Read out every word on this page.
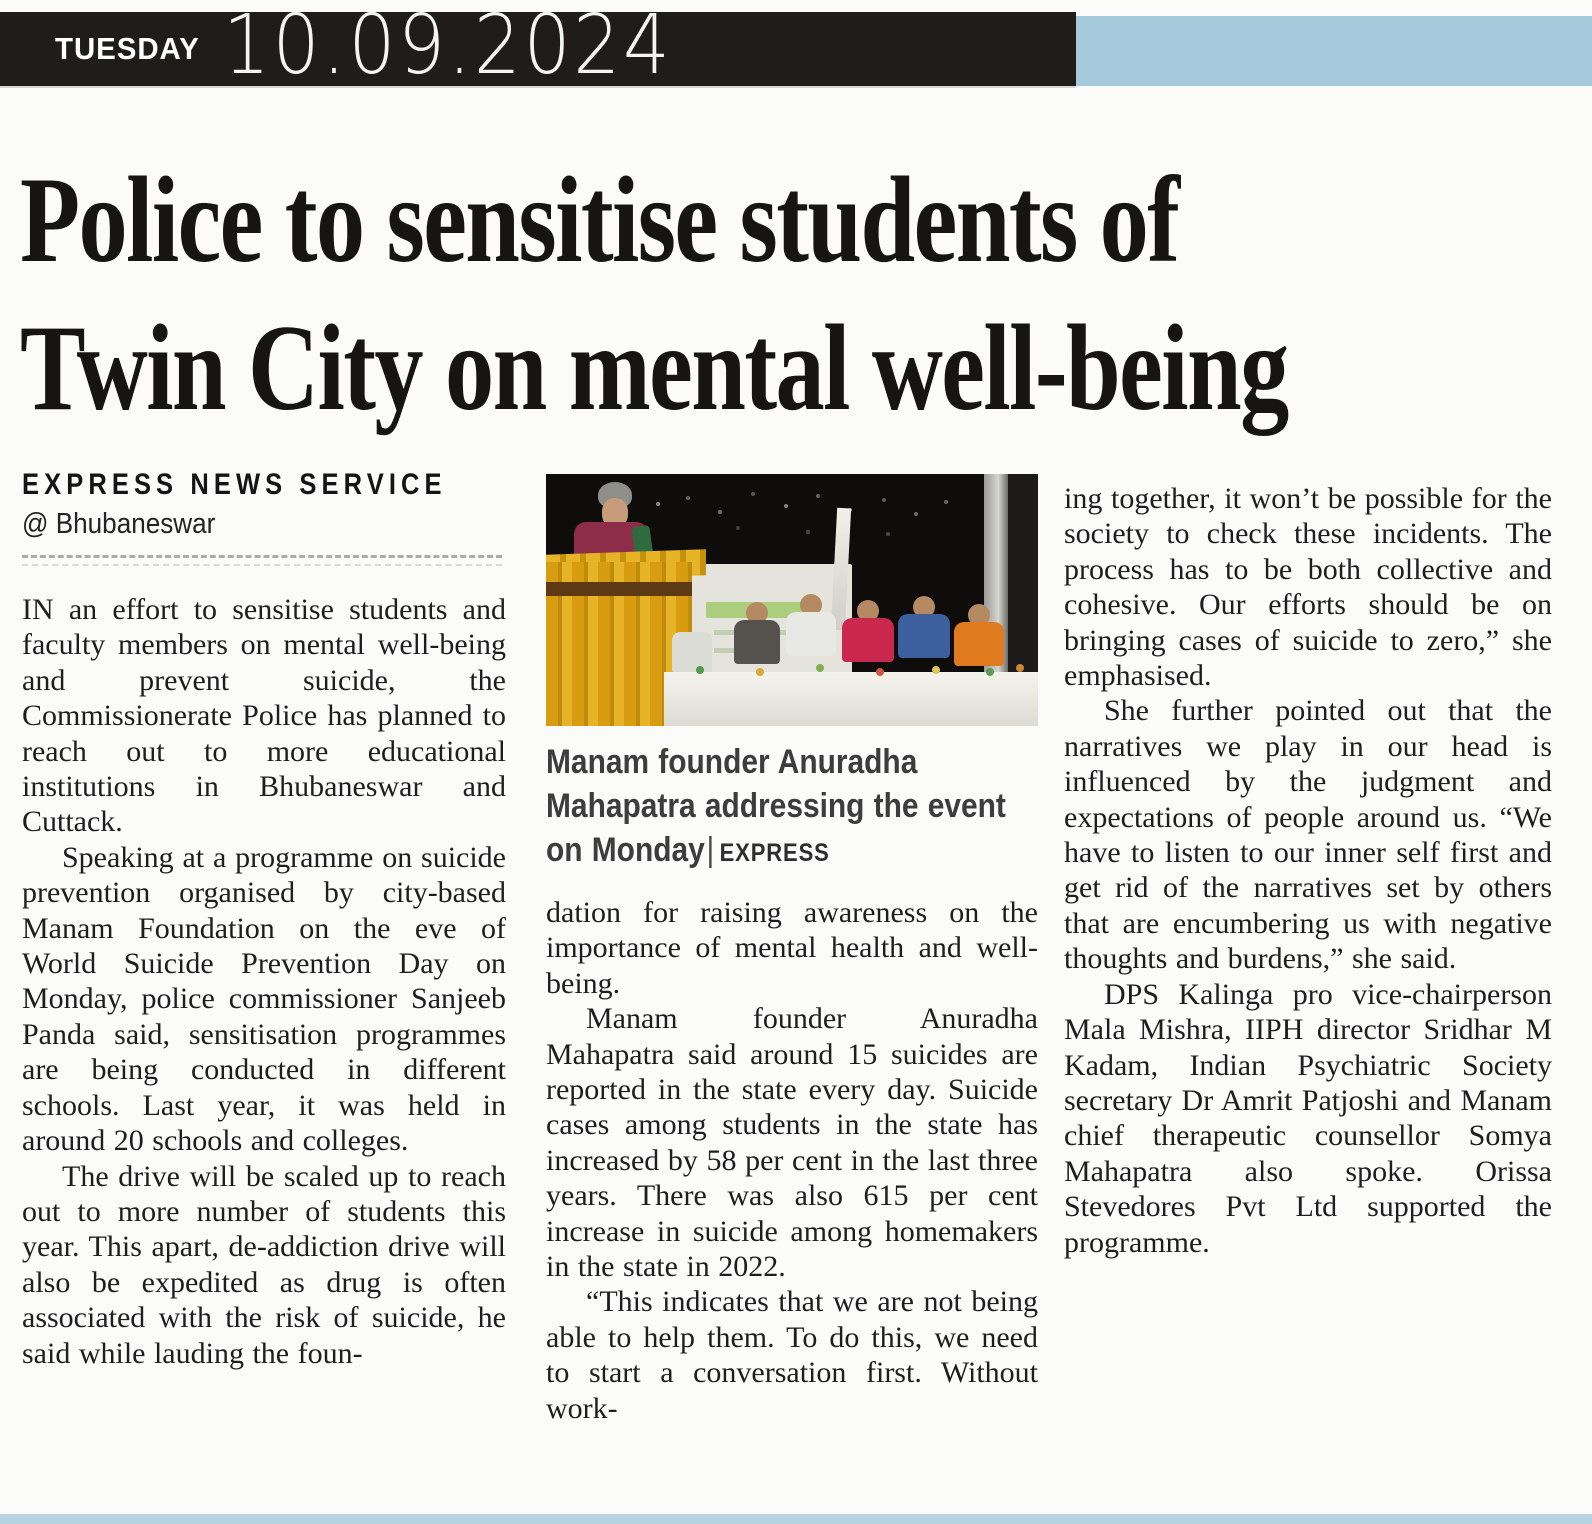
TUESDAY 10.09.2024
Police to sensitise students of
Twin City on mental well-being
EXPRESS NEWS SERVICE
@ Bhubaneswar

IN an effort to sensitise students and faculty members on mental well-being and prevent suicide, the Commissionerate Police has planned to reach out to more educational institutions in Bhubaneswar and Cuttack.

Speaking at a programme on suicide prevention organised by city-based Manam Foundation on the eve of World Suicide Prevention Day on Monday, police commissioner Sanjeeb Panda said, sensitisation programmes are being conducted in different schools. Last year, it was held in around 20 schools and colleges.

The drive will be scaled up to reach out to more number of students this year. This apart, de-addiction drive will also be expedited as drug is often associated with the risk of suicide, he said while lauding the foun-

Manam founder Anuradha Mahapatra addressing the event on Monday| EXPRESS

dation for raising awareness on the importance of mental health and well-being.

Manam founder Anuradha Mahapatra said around 15 suicides are reported in the state every day. Suicide cases among students in the state has increased by 58 per cent in the last three years. There was also 615 per cent increase in suicide among homemakers in the state in 2022.

“This indicates that we are not being able to help them. To do this, we need to start a conversation first. Without work-

ing together, it won’t be possible for the society to check these incidents. The process has to be both collective and cohesive. Our efforts should be on bringing cases of suicide to zero,” she emphasised.

She further pointed out that the narratives we play in our head is influenced by the judgment and expectations of people around us. “We have to listen to our inner self first and get rid of the narratives set by others that are encumbering us with negative thoughts and burdens,” she said.

DPS Kalinga pro vice-chairperson Mala Mishra, IIPH director Sridhar M Kadam, Indian Psychiatric Society secretary Dr Amrit Patjoshi and Manam chief therapeutic counsellor Somya Mahapatra also spoke. Orissa Stevedores Pvt Ltd supported the programme.
